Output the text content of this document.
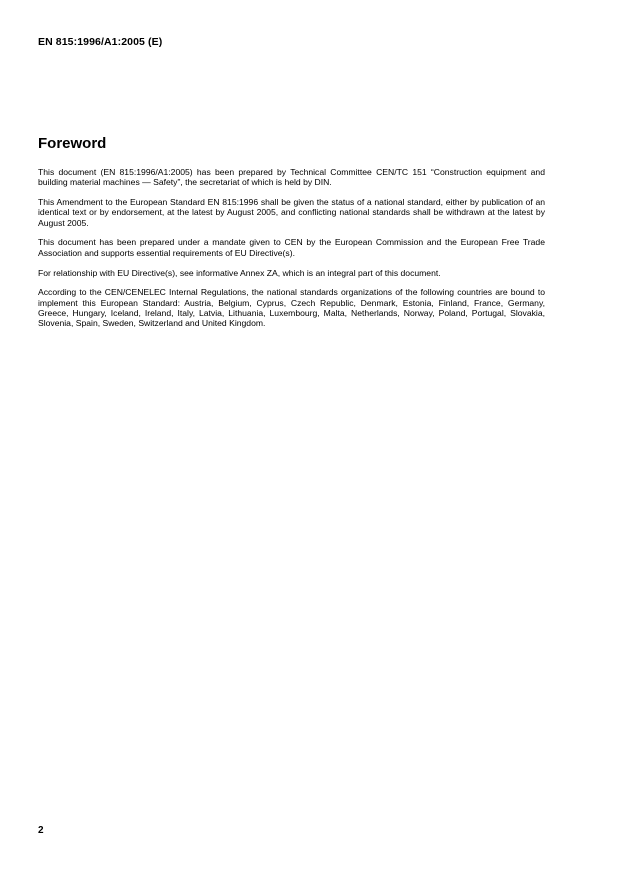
EN 815:1996/A1:2005 (E)
Foreword

This document (EN 815:1996/A1:2005) has been prepared by Technical Committee CEN/TC 151 “Construction equipment and building material machines — Safety”, the secretariat of which is held by DIN.

This Amendment to the European Standard EN 815:1996 shall be given the status of a national standard, either by publication of an identical text or by endorsement, at the latest by August 2005, and conflicting national standards shall be withdrawn at the latest by August 2005.

This document has been prepared under a mandate given to CEN by the European Commission and the European Free Trade Association and supports essential requirements of EU Directive(s).

For relationship with EU Directive(s), see informative Annex ZA, which is an integral part of this document.

According to the CEN/CENELEC Internal Regulations, the national standards organizations of the following countries are bound to implement this European Standard: Austria, Belgium, Cyprus, Czech Republic, Denmark, Estonia, Finland, France, Germany, Greece, Hungary, Iceland, Ireland, Italy, Latvia, Lithuania, Luxembourg, Malta, Netherlands, Norway, Poland, Portugal, Slovakia, Slovenia, Spain, Sweden, Switzerland and United Kingdom.

2
